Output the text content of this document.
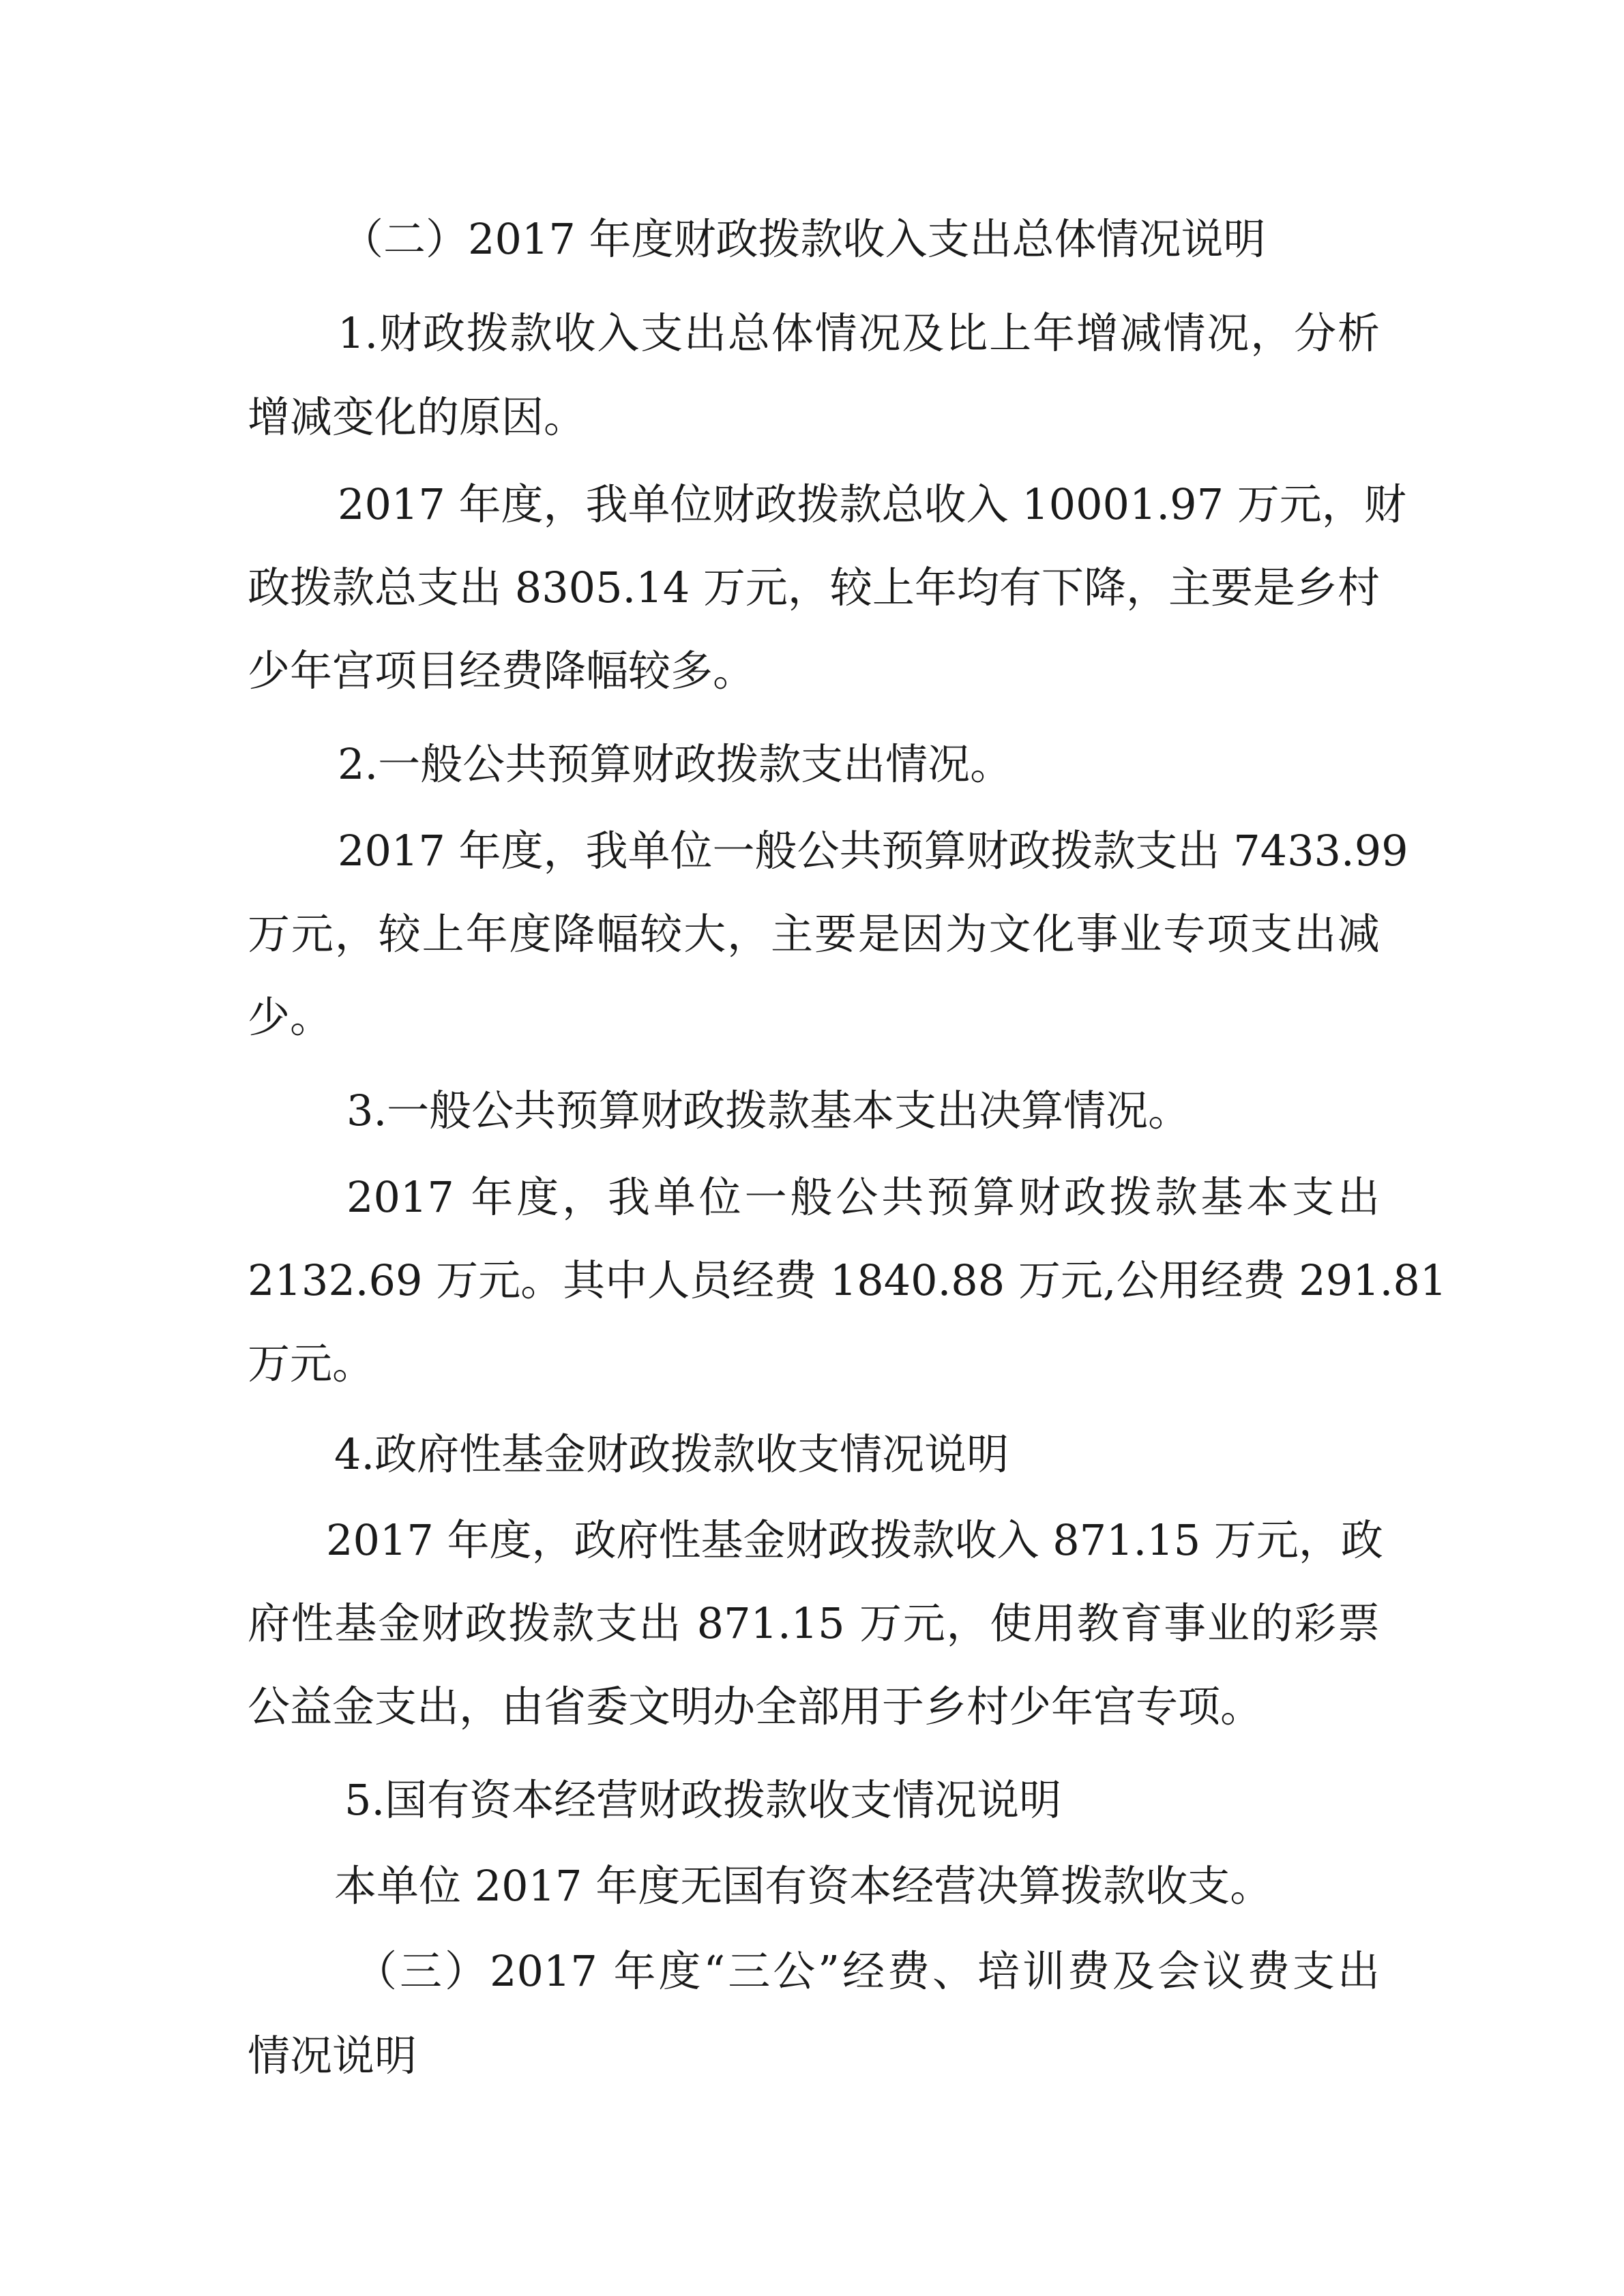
（二）2017 年度财政拨款收入支出总体情况说明

1.财政拨款收入支出总体情况及比上年增减情况，分析

增减变化的原因。

2017 年度，我单位财政拨款总收入 10001.97 万元，财

政拨款总支出 8305.14 万元，较上年均有下降，主要是乡村

少年宫项目经费降幅较多。

2.一般公共预算财政拨款支出情况。

2017 年度，我单位一般公共预算财政拨款支出 7433.99

万元，较上年度降幅较大，主要是因为文化事业专项支出减

少。

3.一般公共预算财政拨款基本支出决算情况。

2017 年度，我单位一般公共预算财政拨款基本支出

2132.69 万元。其中人员经费 1840.88 万元,公用经费 291.81

万元。

4.政府性基金财政拨款收支情况说明

2017 年度，政府性基金财政拨款收入 871.15 万元，政

府性基金财政拨款支出 871.15 万元，使用教育事业的彩票

公益金支出，由省委文明办全部用于乡村少年宫专项。

5.国有资本经营财政拨款收支情况说明

本单位 2017 年度无国有资本经营决算拨款收支。

（三）2017 年度“三公”经费、培训费及会议费支出

情况说明
